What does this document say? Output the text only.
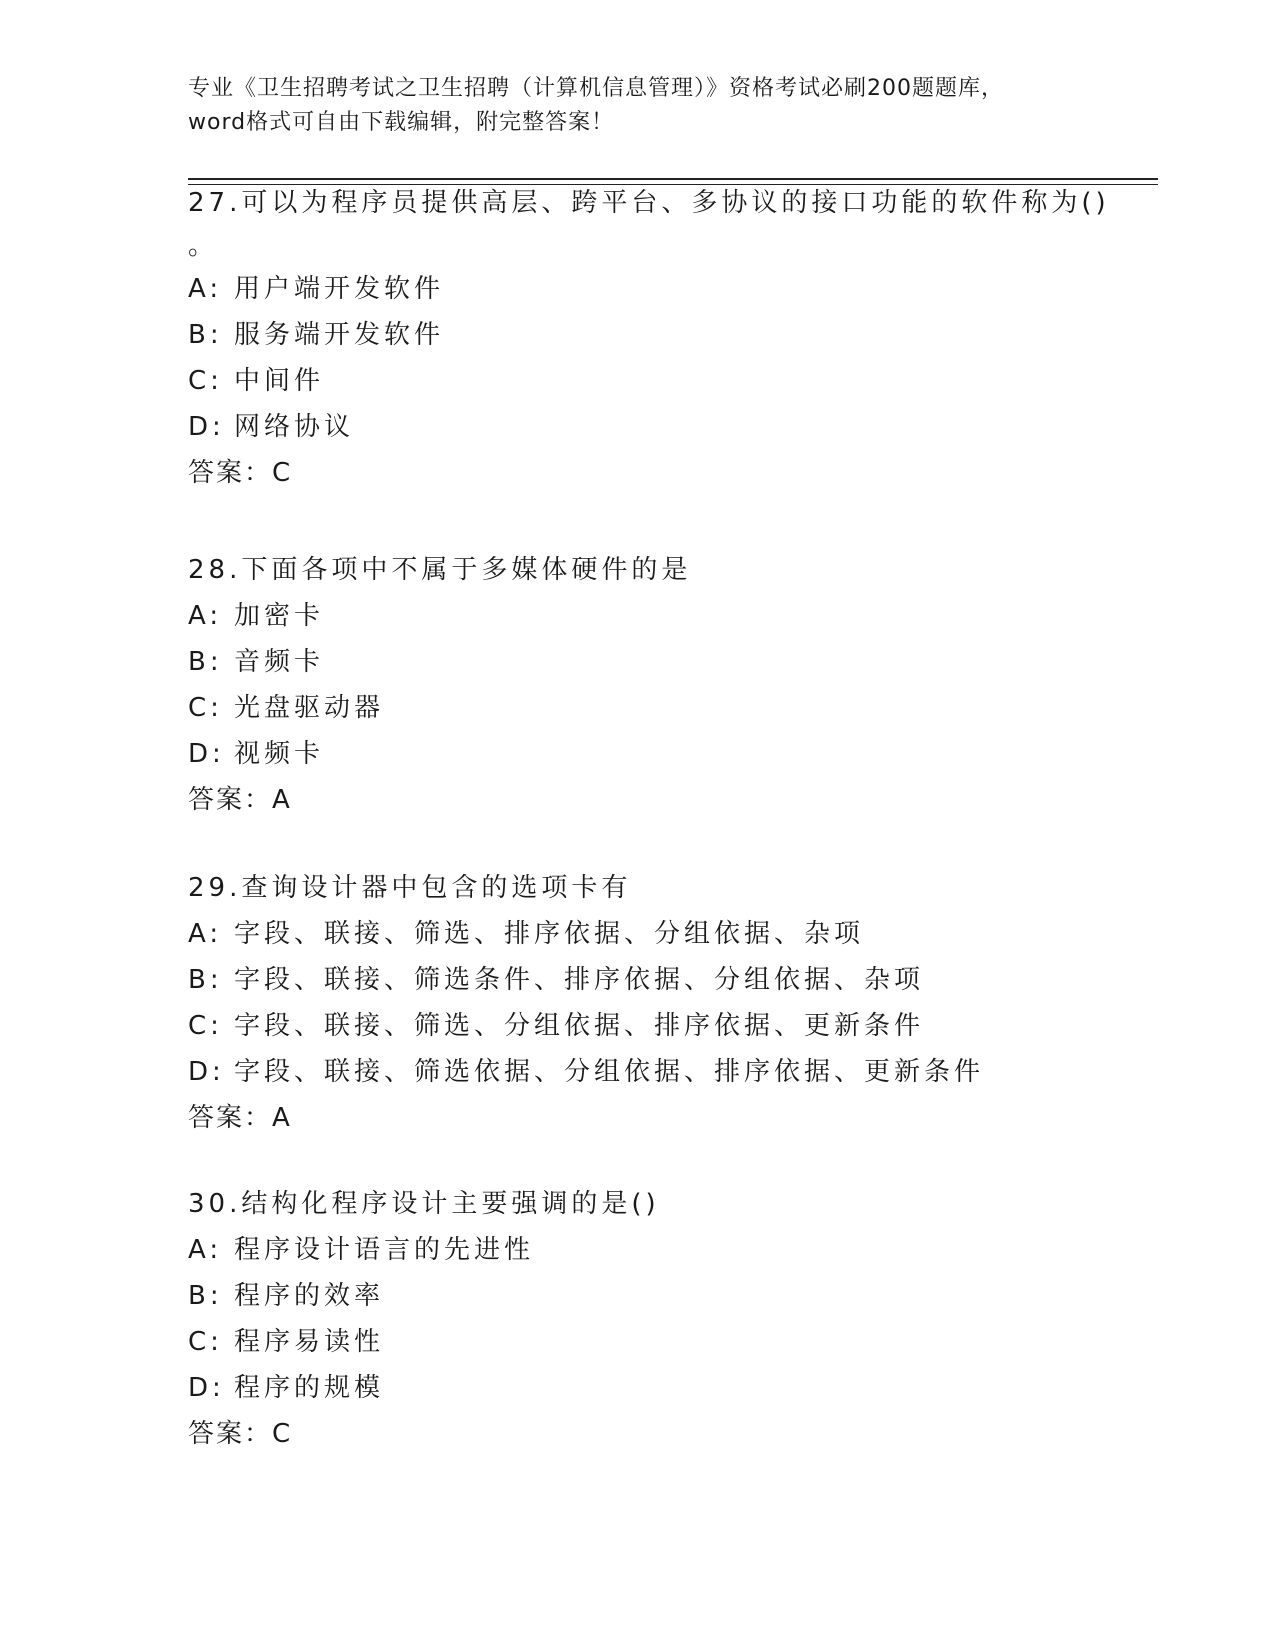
专业《卫生招聘考试之卫生招聘（计算机信息管理）》资格考试必刷200题题库，
word格式可自由下载编辑，附完整答案！
27.可以为程序员提供高层、跨平台、多协议的接口功能的软件称为()
。
A: 用户端开发软件
B: 服务端开发软件
C: 中间件
D: 网络协议
答案：C
28.下面各项中不属于多媒体硬件的是
A: 加密卡
B: 音频卡
C: 光盘驱动器
D: 视频卡
答案：A
29.查询设计器中包含的选项卡有
A: 字段、联接、筛选、排序依据、分组依据、杂项
B: 字段、联接、筛选条件、排序依据、分组依据、杂项
C: 字段、联接、筛选、分组依据、排序依据、更新条件
D: 字段、联接、筛选依据、分组依据、排序依据、更新条件
答案：A
30.结构化程序设计主要强调的是()
A: 程序设计语言的先进性
B: 程序的效率
C: 程序易读性
D: 程序的规模
答案：C
